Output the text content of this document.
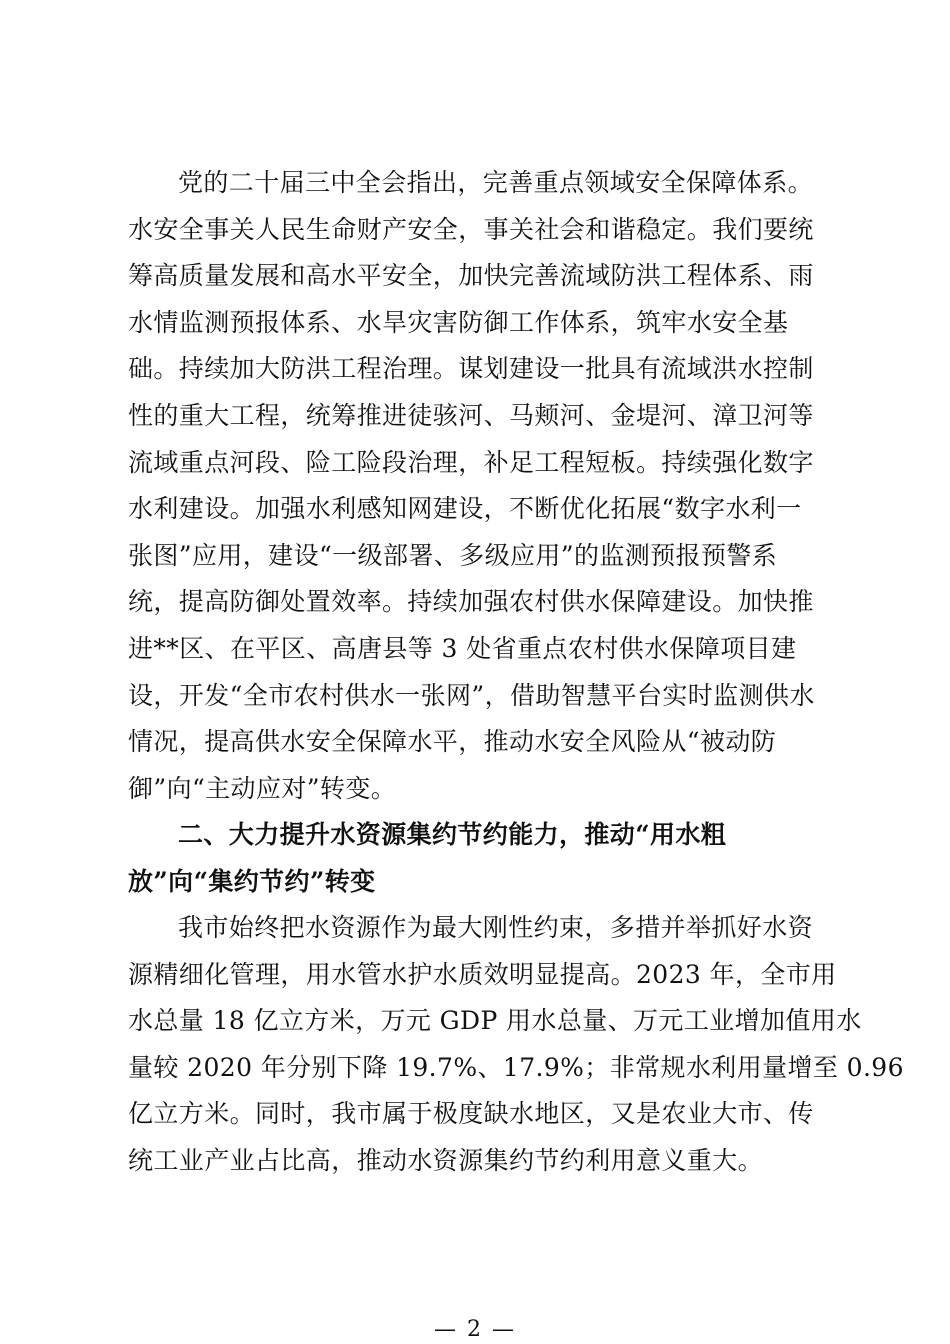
党的二十届三中全会指出，完善重点领域安全保障体系。
水安全事关人民生命财产安全，事关社会和谐稳定。我们要统
筹高质量发展和高水平安全，加快完善流域防洪工程体系、雨
水情监测预报体系、水旱灾害防御工作体系，筑牢水安全基
础。持续加大防洪工程治理。谋划建设一批具有流域洪水控制
性的重大工程，统筹推进徒骇河、马颊河、金堤河、漳卫河等
流域重点河段、险工险段治理，补足工程短板。持续强化数字
水利建设。加强水利感知网建设，不断优化拓展“数字水利一
张图”应用，建设“一级部署、多级应用”的监测预报预警系
统，提高防御处置效率。持续加强农村供水保障建设。加快推
进**区、在平区、高唐县等 3 处省重点农村供水保障项目建
设，开发“全市农村供水一张网”，借助智慧平台实时监测供水
情况，提高供水安全保障水平，推动水安全风险从“被动防
御”向“主动应对”转变。
二、大力提升水资源集约节约能力，推动“用水粗
放”向“集约节约”转变
我市始终把水资源作为最大刚性约束，多措并举抓好水资
源精细化管理，用水管水护水质效明显提高。2023 年，全市用
水总量 18 亿立方米，万元 GDP 用水总量、万元工业增加值用水
量较 2020 年分别下降 19.7%、17.9%；非常规水利用量增至 0.96
亿立方米。同时，我市属于极度缺水地区，又是农业大市、传
统工业产业占比高，推动水资源集约节约利用意义重大。
— 2 —
